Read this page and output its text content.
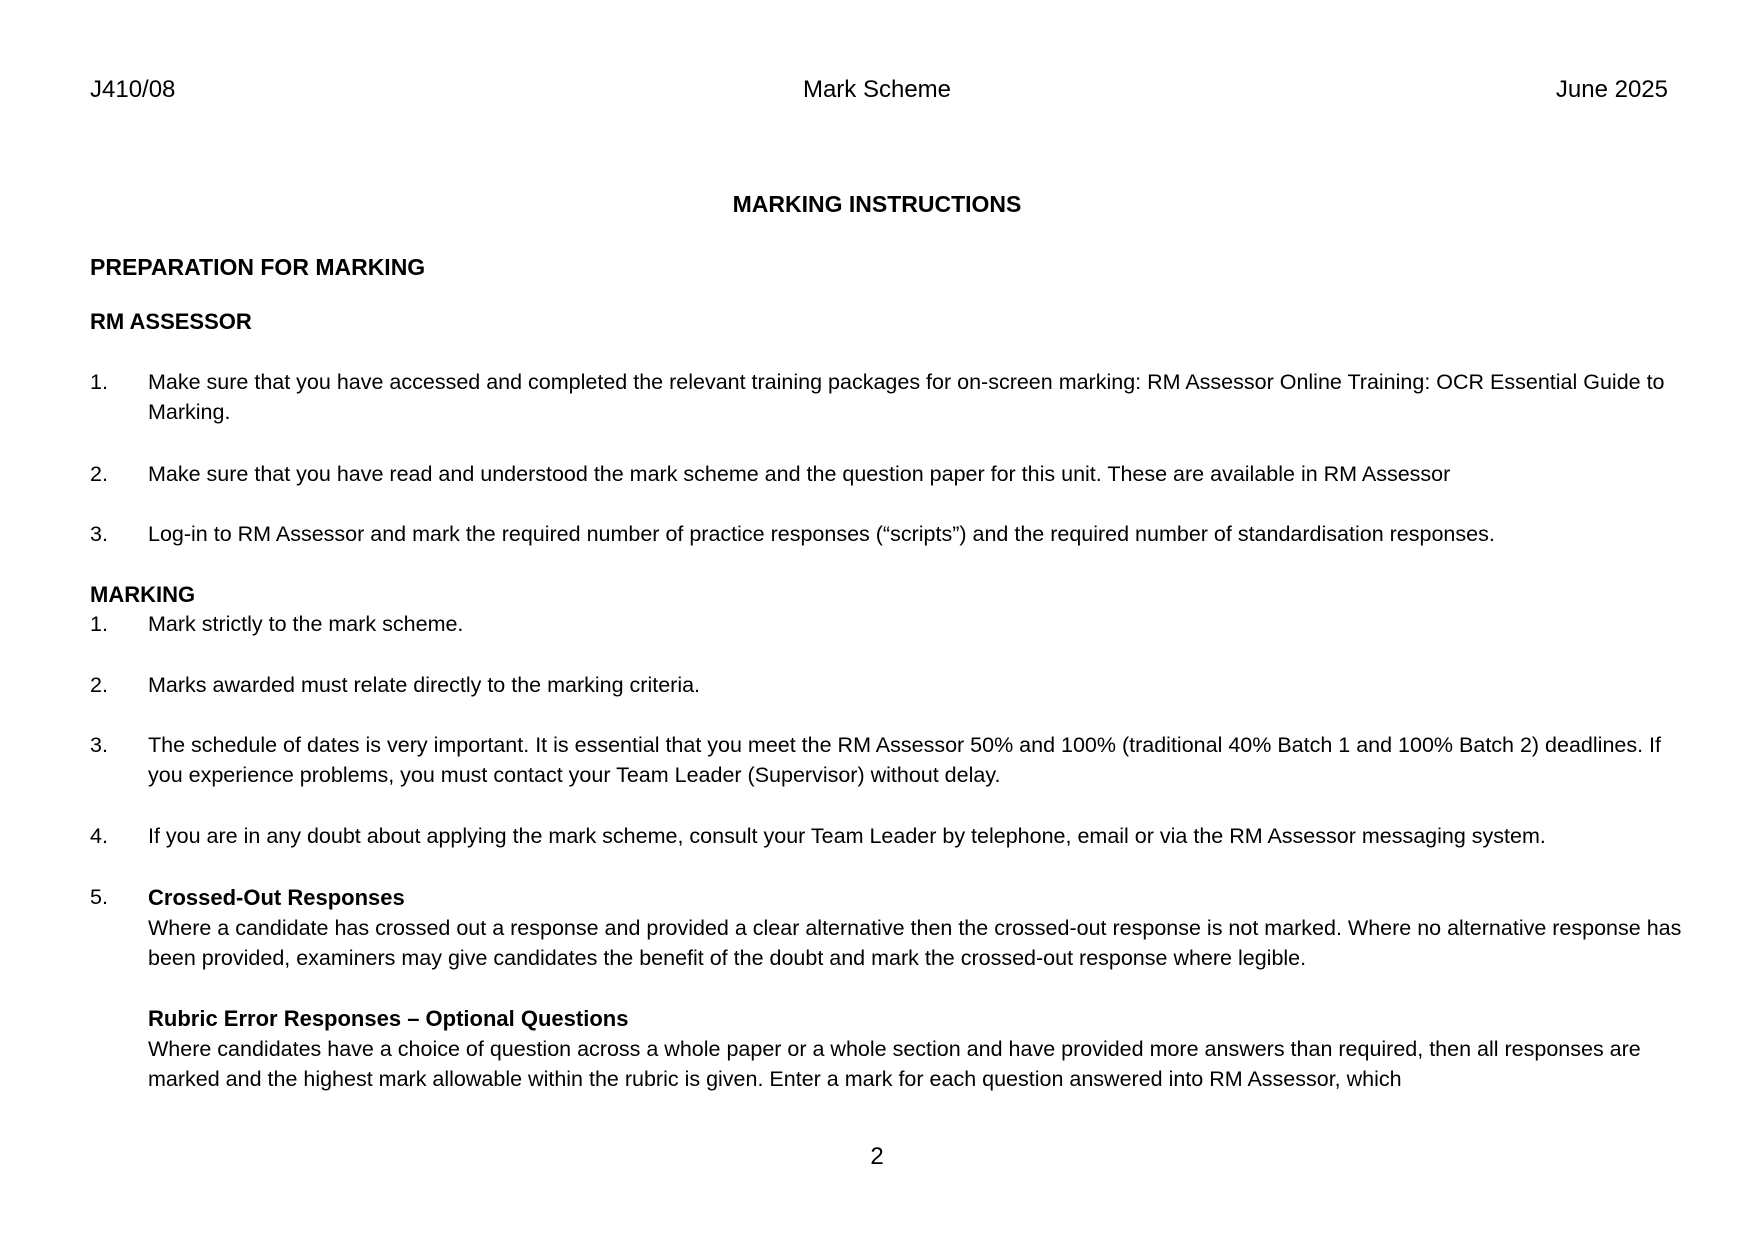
J410/08	Mark Scheme	June 2025
MARKING INSTRUCTIONS
PREPARATION FOR MARKING
RM ASSESSOR
1. Make sure that you have accessed and completed the relevant training packages for on-screen marking: RM Assessor Online Training: OCR Essential Guide to Marking.
2. Make sure that you have read and understood the mark scheme and the question paper for this unit. These are available in RM Assessor
3. Log-in to RM Assessor and mark the required number of practice responses (“scripts”) and the required number of standardisation responses.
MARKING
1. Mark strictly to the mark scheme.
2. Marks awarded must relate directly to the marking criteria.
3. The schedule of dates is very important. It is essential that you meet the RM Assessor 50% and 100% (traditional 40% Batch 1 and 100% Batch 2) deadlines. If you experience problems, you must contact your Team Leader (Supervisor) without delay.
4. If you are in any doubt about applying the mark scheme, consult your Team Leader by telephone, email or via the RM Assessor messaging system.
5. Crossed-Out Responses
Where a candidate has crossed out a response and provided a clear alternative then the crossed-out response is not marked. Where no alternative response has been provided, examiners may give candidates the benefit of the doubt and mark the crossed-out response where legible.
Rubric Error Responses – Optional Questions
Where candidates have a choice of question across a whole paper or a whole section and have provided more answers than required, then all responses are marked and the highest mark allowable within the rubric is given. Enter a mark for each question answered into RM Assessor, which
2
